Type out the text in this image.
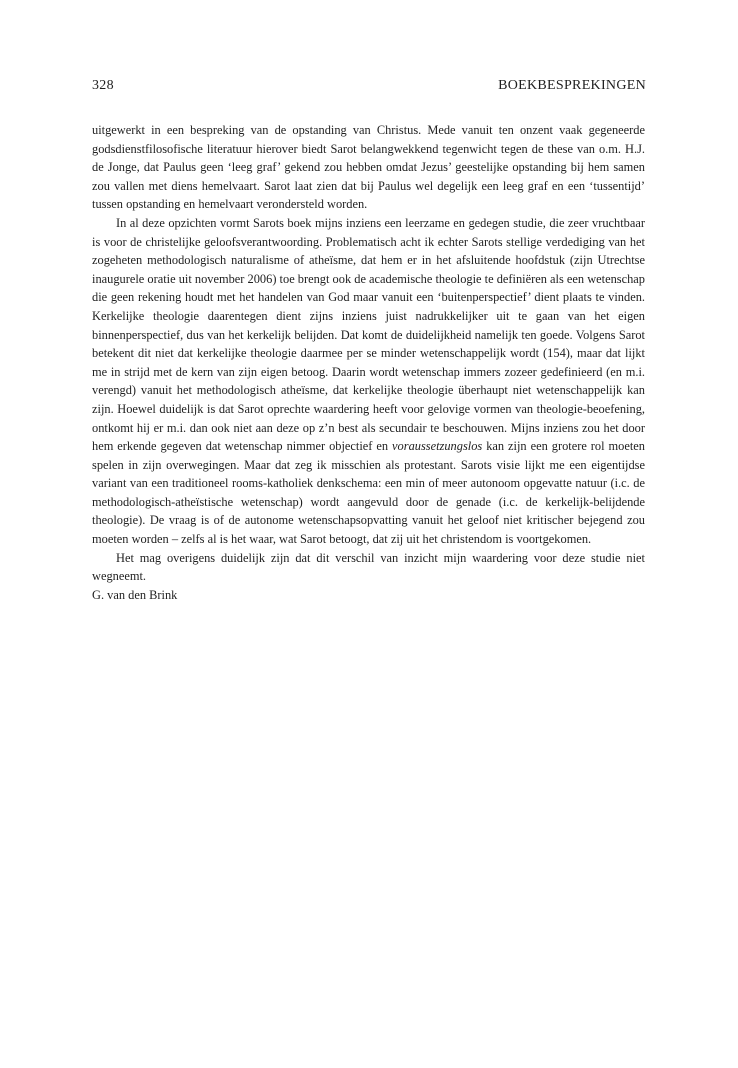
328	BOEKBESPREKINGEN

uitgewerkt in een bespreking van de opstanding van Christus. Mede vanuit ten onzent vaak gegeneerde godsdienstfilosofische literatuur hierover biedt Sarot belangwekkend tegenwicht tegen de these van o.m. H.J. de Jonge, dat Paulus geen ‘leeg graf’ gekend zou hebben omdat Jezus’ geestelijke opstanding bij hem samen zou vallen met diens hemelvaart. Sarot laat zien dat bij Paulus wel degelijk een leeg graf en een ‘tussentijd’ tussen opstanding en hemelvaart verondersteld worden.

In al deze opzichten vormt Sarots boek mijns inziens een leerzame en gedegen studie, die zeer vruchtbaar is voor de christelijke geloofsverantwoording. Problematisch acht ik echter Sarots stellige verdediging van het zogeheten methodologisch naturalisme of atheïsme, dat hem er in het afsluitende hoofdstuk (zijn Utrechtse inaugurele oratie uit november 2006) toe brengt ook de academische theologie te definiëren als een wetenschap die geen rekening houdt met het handelen van God maar vanuit een ‘buitenperspectief’ dient plaats te vinden. Kerkelijke theologie daarentegen dient zijns inziens juist nadrukkelijker uit te gaan van het eigen binnenperspectief, dus van het kerkelijk belijden. Dat komt de duidelijkheid namelijk ten goede. Volgens Sarot betekent dit niet dat kerkelijke theologie daarmee per se minder wetenschappelijk wordt (154), maar dat lijkt me in strijd met de kern van zijn eigen betoog. Daarin wordt wetenschap immers zozeer gedefinieerd (en m.i. verengd) vanuit het methodologisch atheïsme, dat kerkelijke theologie überhaupt niet wetenschappelijk kan zijn. Hoewel duidelijk is dat Sarot oprechte waardering heeft voor gelovige vormen van theologie-beoefening, ontkomt hij er m.i. dan ook niet aan deze op z’n best als secundair te beschouwen. Mijns inziens zou het door hem erkende gegeven dat wetenschap nimmer objectief en voraussetzungslos kan zijn een grotere rol moeten spelen in zijn overwegingen. Maar dat zeg ik misschien als protestant. Sarots visie lijkt me een eigentijdse variant van een traditioneel rooms-katholiek denkschema: een min of meer autonoom opgevatte natuur (i.c. de methodologisch-atheïstische wetenschap) wordt aangevuld door de genade (i.c. de kerkelijk-belijdende theologie). De vraag is of de autonome wetenschapsopvatting vanuit het geloof niet kritischer bejegend zou moeten worden – zelfs al is het waar, wat Sarot betoogt, dat zij uit het christendom is voortgekomen.

Het mag overigens duidelijk zijn dat dit verschil van inzicht mijn waardering voor deze studie niet wegneemt.

G. van den Brink
